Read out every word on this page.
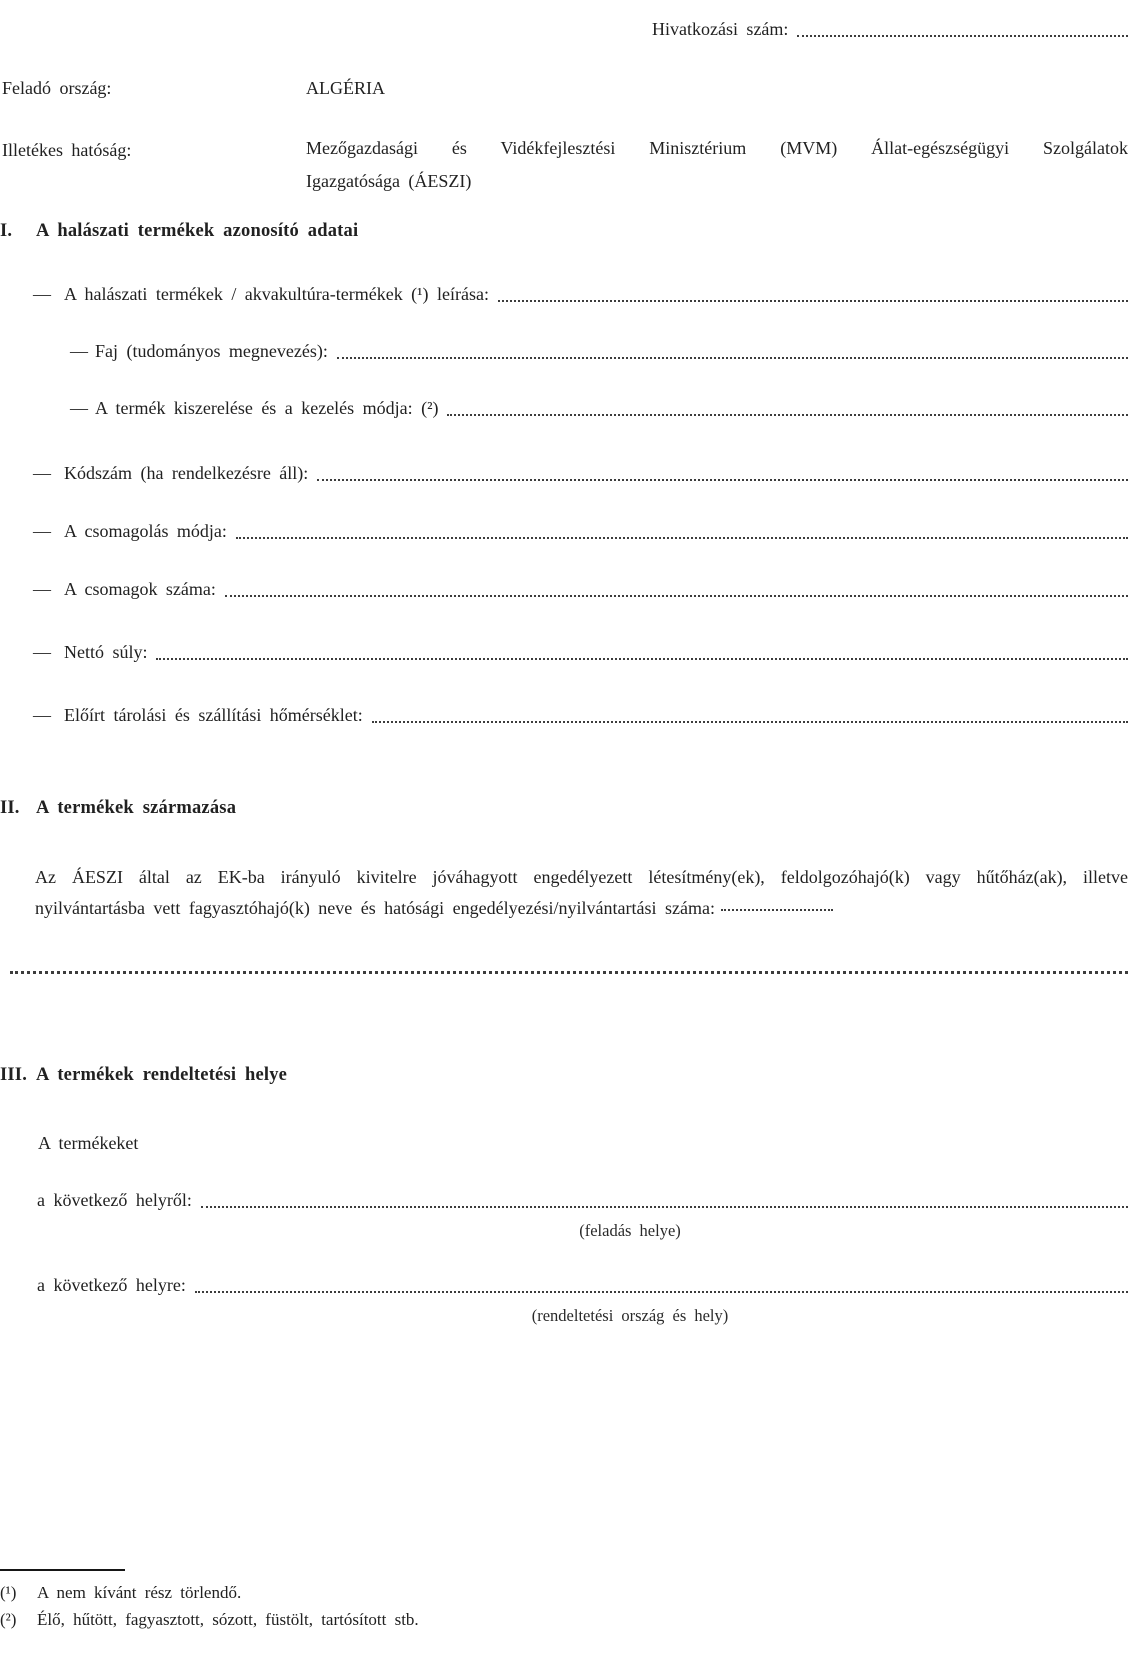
Hivatkozási szám:
Feladó ország:	ALGÉRIA
Illetékes hatóság:	Mezőgazdasági és Vidékfejlesztési Minisztérium (MVM) Állat-egészségügyi Szolgálatok
Igazgatósága (ÁESZI)
I.	A halászati termékek azonosító adatai
— A halászati termékek / akvakultúra-termékek (¹) leírása:
— Faj (tudományos megnevezés):
— A termék kiszerelése és a kezelés módja: (²)
— Kódszám (ha rendelkezésre áll):
— A csomagolás módja:
— A csomagok száma:
— Nettó súly:
— Előírt tárolási és szállítási hőmérséklet:
II. A termékek származása
Az ÁESZI által az EK-ba irányuló kivitelre jóváhagyott engedélyezett létesítmény(ek), feldolgozóhajó(k) vagy hűtőház(ak), illetve nyilvántartásba vett fagyasztóhajó(k) neve és hatósági engedélyezési/nyilvántartási száma:
III. A termékek rendeltetési helye
A termékeket
a következő helyről:
(feladás helye)
a következő helyre:
(rendeltetési ország és hely)
(¹)	A nem kívánt rész törlendő.
(²)	Élő, hűtött, fagyasztott, sózott, füstölt, tartósított stb.
